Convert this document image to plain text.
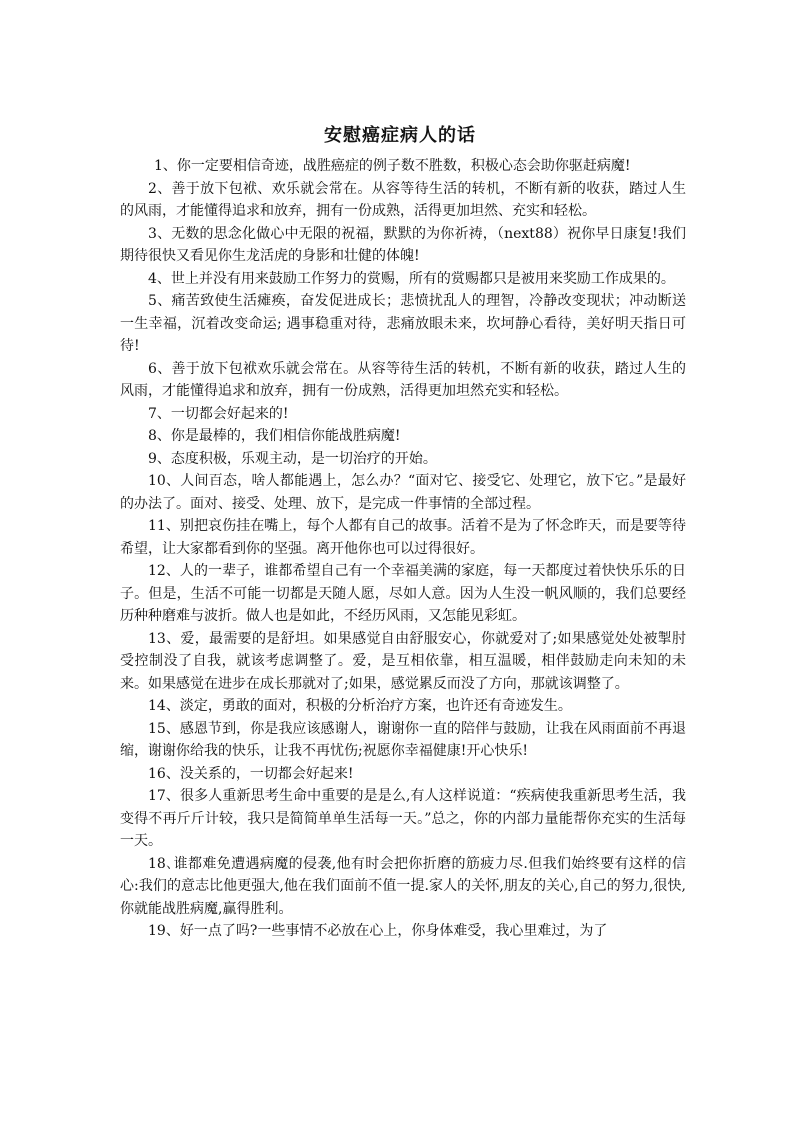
安慰癌症病人的话

1、你一定要相信奇迹，战胜癌症的例子数不胜数，积极心态会助你驱赶病魔!

2、善于放下包袱、欢乐就会常在。从容等待生活的转机，不断有新的收获，踏过人生的风雨，才能懂得追求和放弃，拥有一份成熟，活得更加坦然、充实和轻松。

3、无数的思念化做心中无限的祝福，默默的为你祈祷，（next88）祝你早日康复!我们期待很快又看见你生龙活虎的身影和壮健的体魄!

4、世上并没有用来鼓励工作努力的赏赐，所有的赏赐都只是被用来奖励工作成果的。

5、痛苦致使生活瘫痪，奋发促进成长；悲愤扰乱人的理智，冷静改变现状；冲动断送一生幸福，沉着改变命运; 遇事稳重对待，悲痛放眼未来，坎坷静心看待，美好明天指日可待!

6、善于放下包袱欢乐就会常在。从容等待生活的转机，不断有新的收获，踏过人生的风雨，才能懂得追求和放弃，拥有一份成熟，活得更加坦然充实和轻松。

7、一切都会好起来的!

8、你是最棒的，我们相信你能战胜病魔!

9、态度积极，乐观主动，是一切治疗的开始。

10、人间百态，啥人都能遇上，怎么办？“面对它、接受它、处理它，放下它。”是最好的办法了。面对、接受、处理、放下，是完成一件事情的全部过程。

11、别把哀伤挂在嘴上，每个人都有自己的故事。活着不是为了怀念昨天，而是要等待希望，让大家都看到你的坚强。离开他你也可以过得很好。

12、人的一辈子，谁都希望自己有一个幸福美满的家庭，每一天都度过着快快乐乐的日子。但是，生活不可能一切都是天随人愿，尽如人意。因为人生没一帆风顺的，我们总要经历种种磨难与波折。做人也是如此，不经历风雨，又怎能见彩虹。

13、爱，最需要的是舒坦。如果感觉自由舒服安心，你就爱对了;如果感觉处处被掣肘受控制没了自我，就该考虑调整了。爱，是互相依靠，相互温暖，相伴鼓励走向未知的未来。如果感觉在进步在成长那就对了;如果，感觉累反而没了方向，那就该调整了。

14、淡定，勇敢的面对，积极的分析治疗方案，也许还有奇迹发生。

15、感恩节到，你是我应该感谢人，谢谢你一直的陪伴与鼓励，让我在风雨面前不再退缩，谢谢你给我的快乐，让我不再忧伤;祝愿你幸福健康!开心快乐!

16、没关系的，一切都会好起来!

17、很多人重新思考生命中重要的是是么,有人这样说道：“疾病使我重新思考生活，我变得不再斤斤计较，我只是简简单单生活每一天。”总之，你的内部力量能帮你充实的生活每一天。

18､谁都难免遭遇病魔的侵袭,他有时会把你折磨的筋疲力尽.但我们始终要有这样的信心:我们的意志比他更强大,他在我们面前不值一提.家人的关怀,朋友的关心,自己的努力,很快,你就能战胜病魔,赢得胜利。

19、好一点了吗?一些事情不必放在心上，你身体难受，我心里难过，为了
